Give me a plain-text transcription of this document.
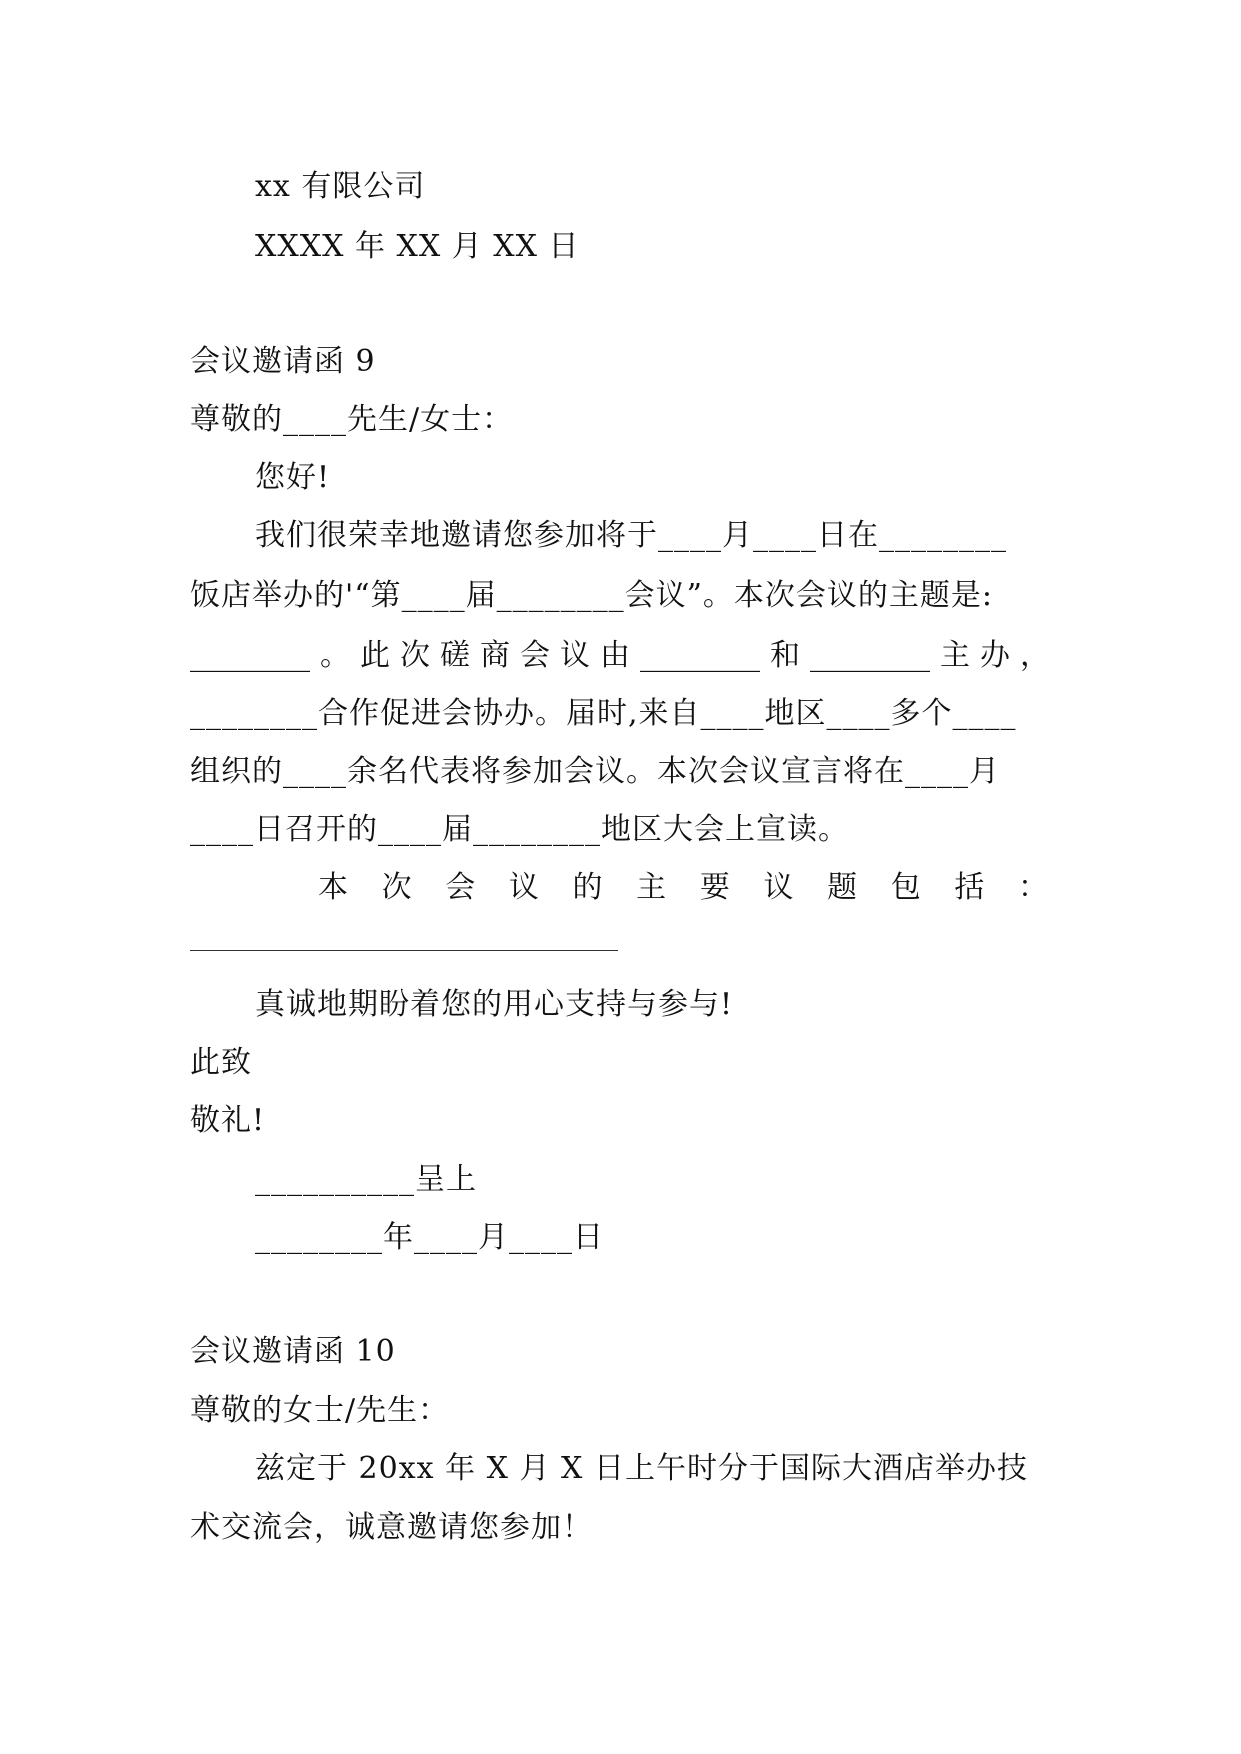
xx 有限公司
XXXX 年 XX 月 XX 日
会议邀请函 9
尊敬的____先生/女士：
您好!
我们很荣幸地邀请您参加将于____月____日在________
饭店举办的'“第____届________会议”。本次会议的主题是:
________。此次磋商会议由________和________主办，
________合作促进会协办。届时,来自____地区____多个____
组织的____余名代表将参加会议。本次会议宣言将在____月
____日召开的____届________地区大会上宣读。
本 次 会 议 的 主 要 议 题 包 括 ：
真诚地期盼着您的用心支持与参与!
此致
敬礼!
__________呈上
________年____月____日
会议邀请函 10
尊敬的女士/先生：
兹定于 20xx 年 X 月 X 日上午时分于国际大酒店举办技
术交流会，诚意邀请您参加！
